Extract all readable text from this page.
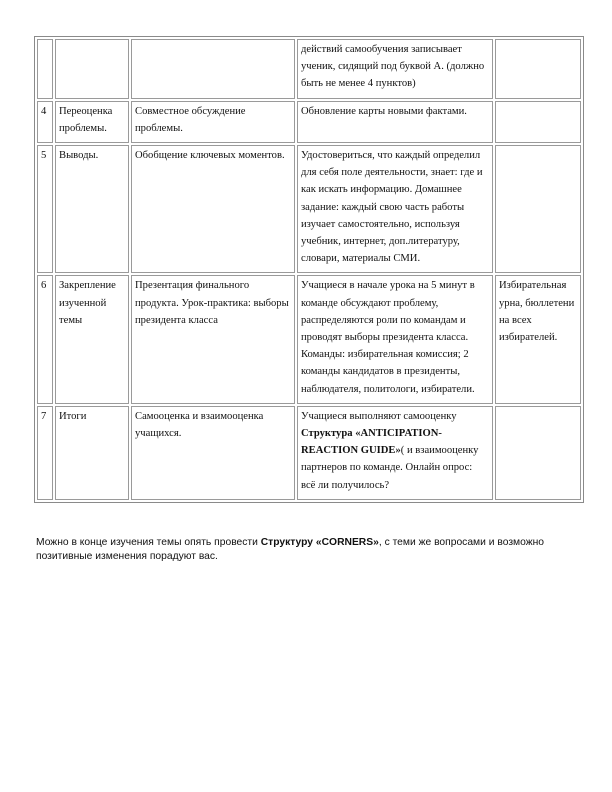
			действий самообучения записывает ученик, сидящий под буквой А. (должно быть не менее 4 пунктов)	
4	Переоценка проблемы.	Совместное обсуждение проблемы.	Обновление карты новыми фактами.	
5	Выводы.	Обобщение ключевых моментов.	Удостовериться, что каждый определил для себя поле деятельности, знает: где и как искать информацию. Домашнее задание: каждый свою часть работы изучает самостоятельно, используя учебник, интернет, доп.литературу, словари, материалы СМИ.	
6	Закрепление изученной темы	Презентация финального продукта. Урок-практика: выборы президента класса	Учащиеся в начале урока на 5 минут в команде обсуждают проблему, распределяются роли по командам и проводят выборы президента класса. Команды: избирательная комиссия; 2 команды кандидатов в президенты, наблюдателя, политологи, избиратели.	Избирательная урна, бюллетени на всех избирателей.
7	Итоги	Самооценка и взаимооценка учащихся.	Учащиеся выполняют самооценку Структура «ANTICIPATION-REACTION GUIDE»( и взаимооценку партнеров по команде. Онлайн опрос: всё ли получилось?	

Можно в конце изучения темы опять провести Структуру «CORNERS», с теми же вопросами и возможно позитивные изменения порадуют вас.
